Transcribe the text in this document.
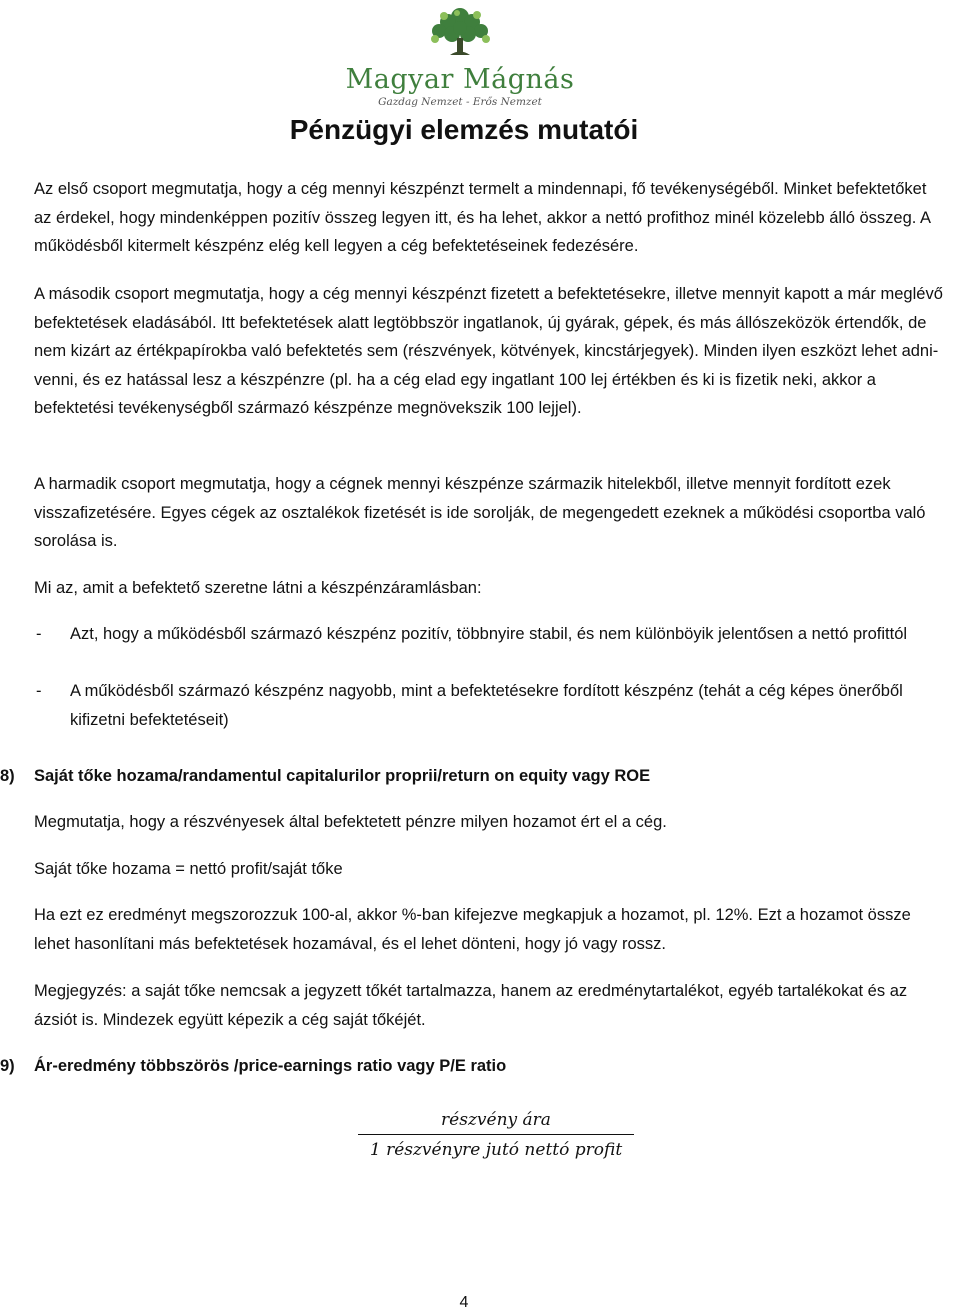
Magyar Mágnás
Gazdag Nemzet - Erős Nemzet
Pénzügyi elemzés mutatói
Az első csoport megmutatja, hogy a cég mennyi készpénzt termelt a mindennapi, fő tevékenységéből. Minket befektetőket az érdekel, hogy mindenképpen pozitív összeg legyen itt, és ha lehet, akkor a nettó profithoz minél közelebb álló összeg. A működésből kitermelt készpénz elég kell legyen a cég befektetéseinek fedezésére.
A második csoport megmutatja, hogy a cég mennyi készpénzt fizetett a befektetésekre, illetve mennyit kapott a már meglévő befektetések eladásából. Itt befektetések alatt legtöbbször ingatlanok, új gyárak, gépek, és más állószeközök értendők, de nem kizárt az értékpapírokba való befektetés sem (részvények, kötvények, kincstárjegyek). Minden ilyen eszközt lehet adni-venni, és ez hatással lesz a készpénzre (pl. ha a cég elad egy ingatlant 100 lej értékben és ki is fizetik neki, akkor a befektetési tevékenységből származó készpénze megnövekszik 100 lejjel).
A harmadik csoport megmutatja, hogy a cégnek mennyi készpénze származik hitelekből, illetve mennyit fordított ezek visszafizetésére. Egyes cégek az osztalékok fizetését is ide sorolják, de megengedett ezeknek a működési csoportba való sorolása is.
Mi az, amit a befektető szeretne látni a készpénzáramlásban:
- Azt, hogy a működésből származó készpénz pozitív, többnyire stabil, és nem különböyik jelentősen a nettó profittól
- A működésből származó készpénz nagyobb, mint a befektetésekre fordított készpénz (tehát a cég képes önerőből kifizetni befektetéseit)
8) Saját tőke hozama/randamentul capitalurilor proprii/return on equity vagy ROE
Megmutatja, hogy a részvényesek által befektetett pénzre milyen hozamot ért el a cég.
Saját tőke hozama = nettó profit/saját tőke
Ha ezt ez eredményt megszorozzuk 100-al, akkor %-ban kifejezve megkapjuk a hozamot, pl. 12%. Ezt a hozamot össze lehet hasonlítani más befektetések hozamával, és el lehet dönteni, hogy jó vagy rossz.
Megjegyzés: a saját tőke nemcsak a jegyzett tőkét tartalmazza, hanem az eredménytartalékot, egyéb tartalékokat és az ázsiót is. Mindezek együtt képezik a cég saját tőkéjét.
9) Ár-eredmény többszörös /price-earnings ratio vagy P/E ratio
részvény ára
1 részvényre jutó nettó profit
4
